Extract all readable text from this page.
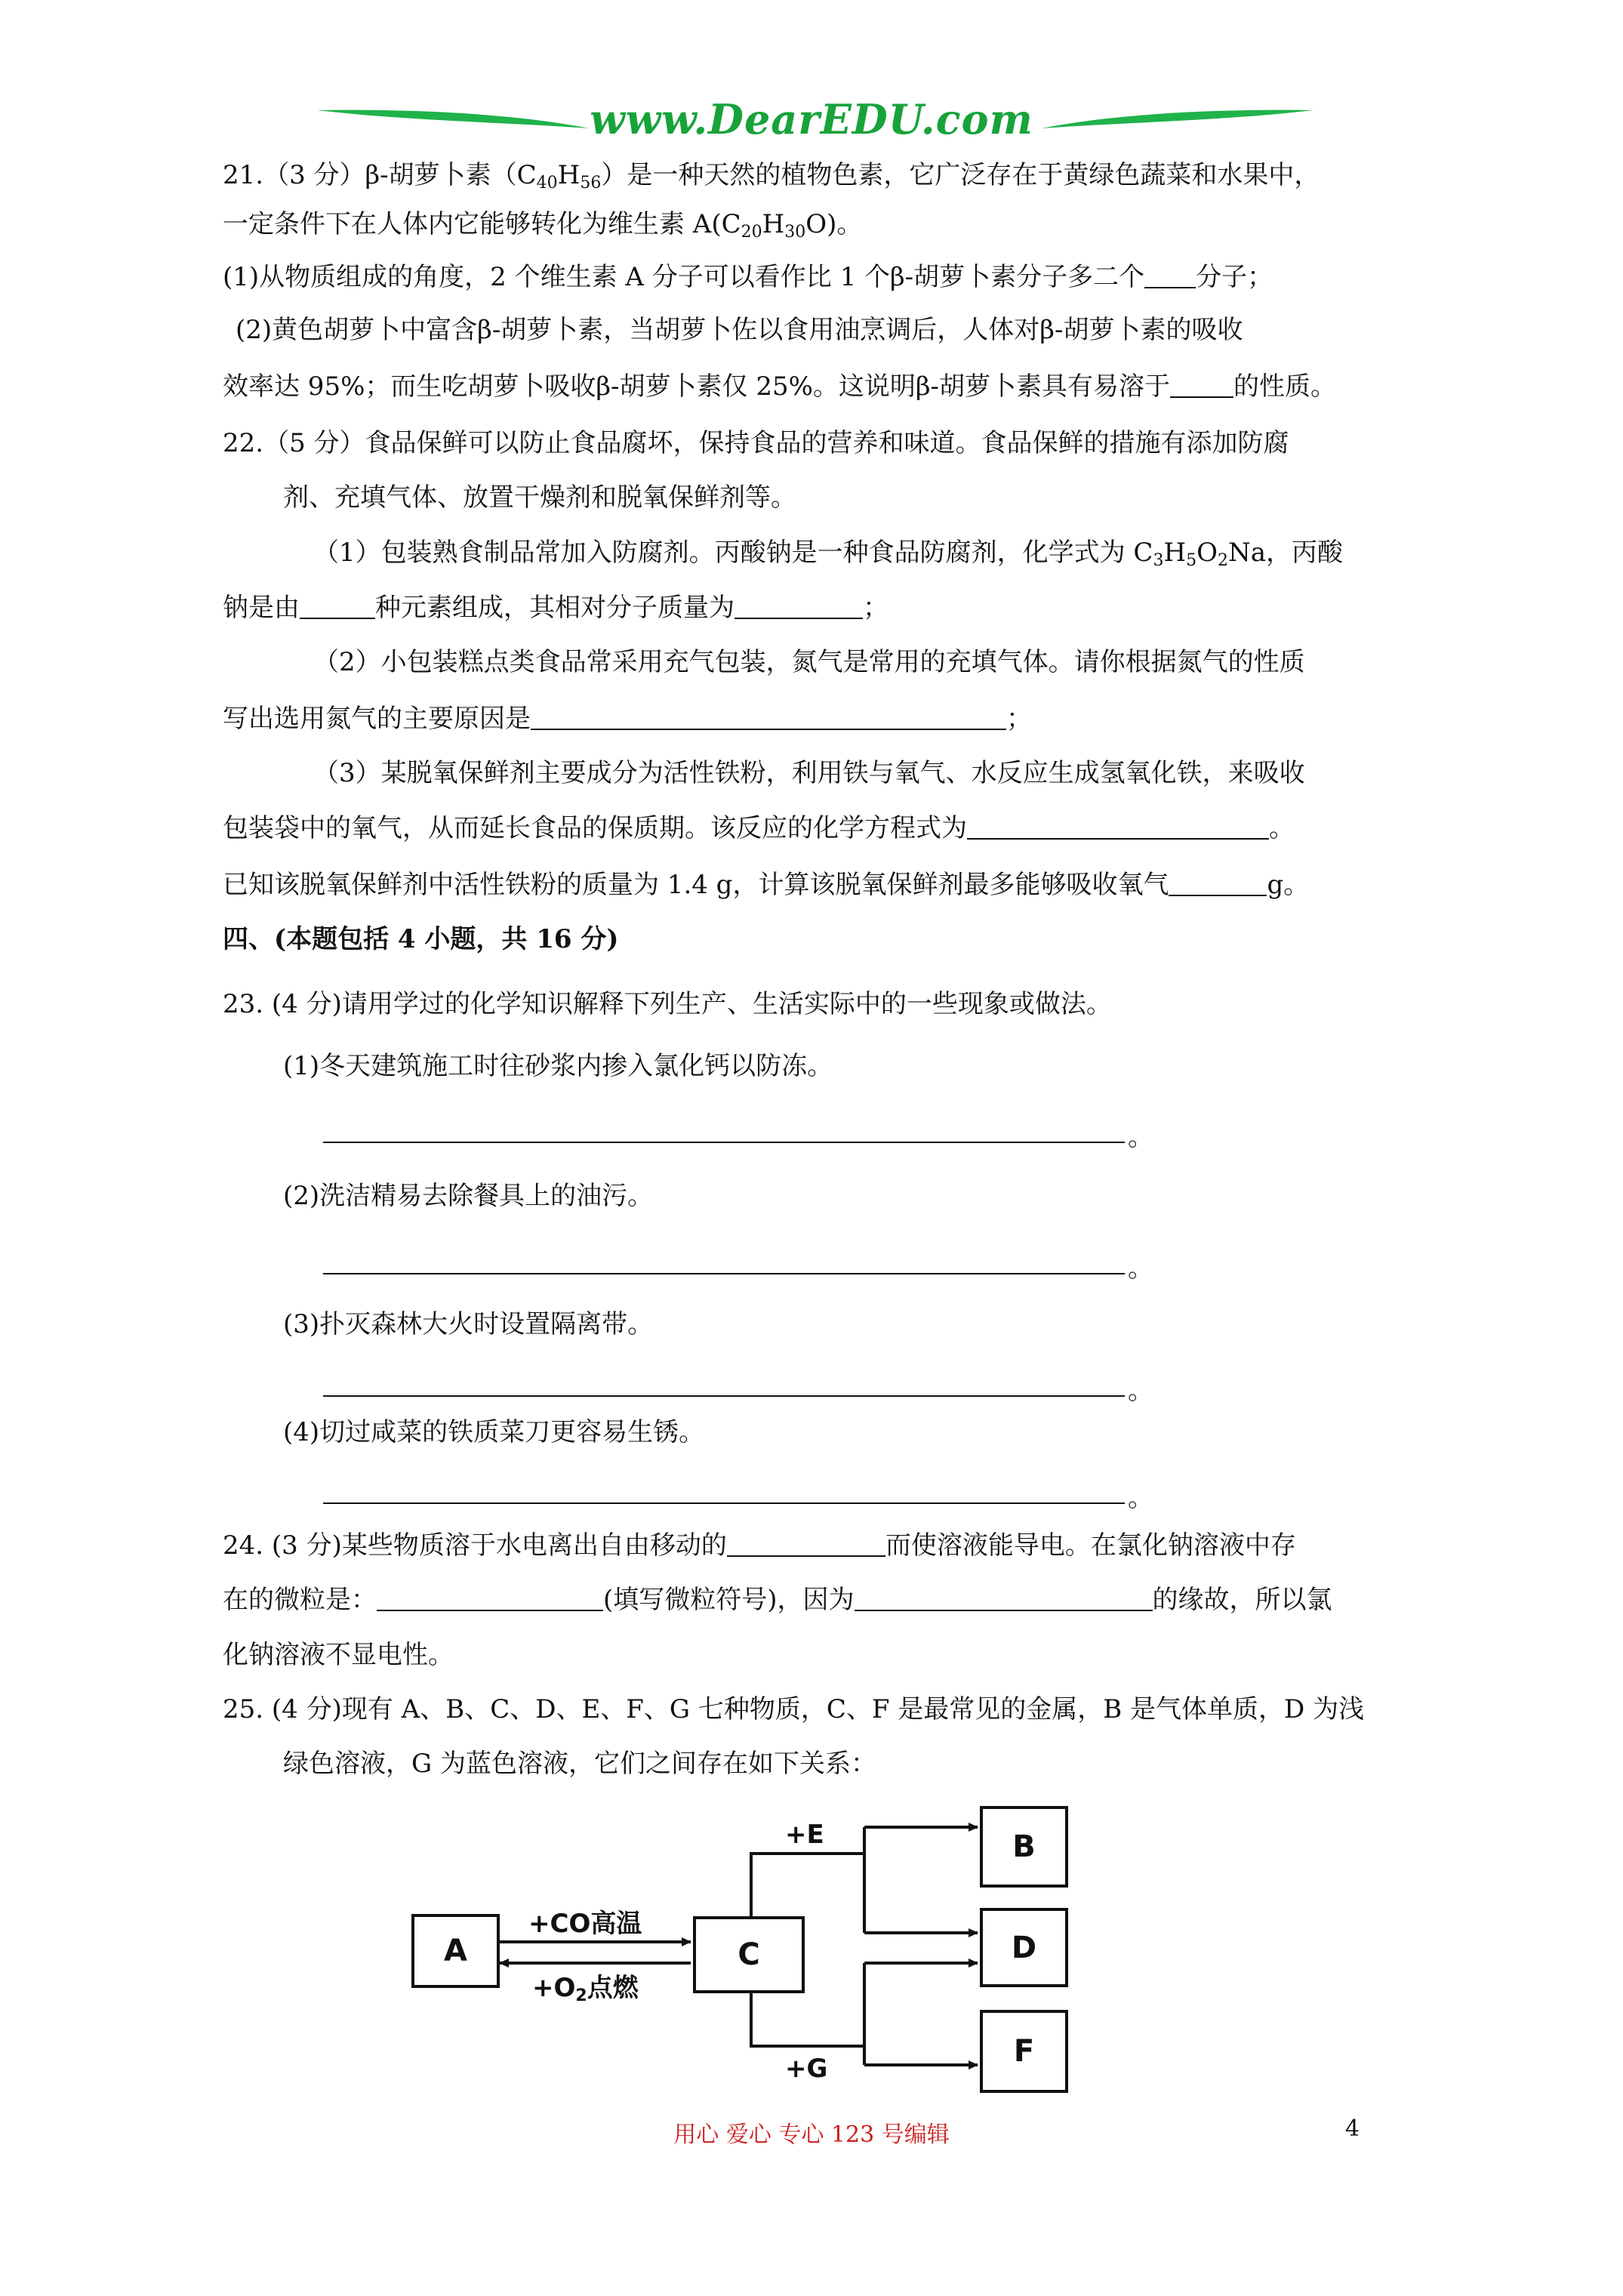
www.DearEDU.com
21.（3 分）β-胡萝卜素$(C_{40}H_{56})$是一种天然的植物色素，它广泛存在于黄绿色蔬菜和水果中，
一定条件下在人体内它能够转化为维生素 $A(C_{20}H_{30}O)$。
(1)从物质组成的角度，2 个维生素 A 分子可以看作比 1 个β-胡萝卜素分子多二个 分子；
(2)黄色胡萝卜中富含β-胡萝卜素，当胡萝卜佐以食用油烹调后，人体对β-胡萝卜素的吸收
效率达 95%；而生吃胡萝卜吸收β-胡萝卜素仅 25%。这说明β-胡萝卜素具有易溶于 的性质。
22.（5 分）食品保鲜可以防止食品腐坏，保持食品的营养和味道。食品保鲜的措施有添加防腐
剂、充填气体、放置干燥剂和脱氧保鲜剂等。
（1）包装熟食制品常加入防腐剂。丙酸钠是一种食品防腐剂，化学式为 $C_3H_5O_2Na$，丙酸
钠是由	种元素组成，其相对分子质量为	；
（2）小包装糕点类食品常采用充气包装，氮气是常用的充填气体。请你根据氮气的性质
写出选用氮气的主要原因是	；
（3）某脱氧保鲜剂主要成分为活性铁粉，利用铁与氧气、水反应生成氢氧化铁，来吸收
包装袋中的氧气，从而延长食品的保质期。该反应的化学方程式为	。
已知该脱氧保鲜剂中活性铁粉的质量为 1.4 g，计算该脱氧保鲜剂最多能够吸收氧气	g。
四、(本题包括 4 小题，共 16 分)
23. (4 分)请用学过的化学知识解释下列生产、生活实际中的一些现象或做法。
(1)冬天建筑施工时往砂浆内掺入氯化钙以防冻。
。
(2)洗洁精易去除餐具上的油污。
。
(3)扑灭森林大火时设置隔离带。
。
(4)切过咸菜的铁质菜刀更容易生锈。
。
24. (3 分)某些物质溶于水电离出自由移动的	而使溶液能导电。在氯化钠溶液中存
在的微粒是：	(填写微粒符号)，因为	的缘故，所以氯
化钠溶液不显电性。
25. (4 分)现有 A、B、C、D、E、F、G 七种物质，C、F 是最常见的金属，B 是气体单质，D 为浅
绿色溶液，G 为蓝色溶液，它们之间存在如下关系：
A	C
B
D
F
+CO高温
+O2点燃
+E
+G
用心 爱心 专心 123 号编辑	4
